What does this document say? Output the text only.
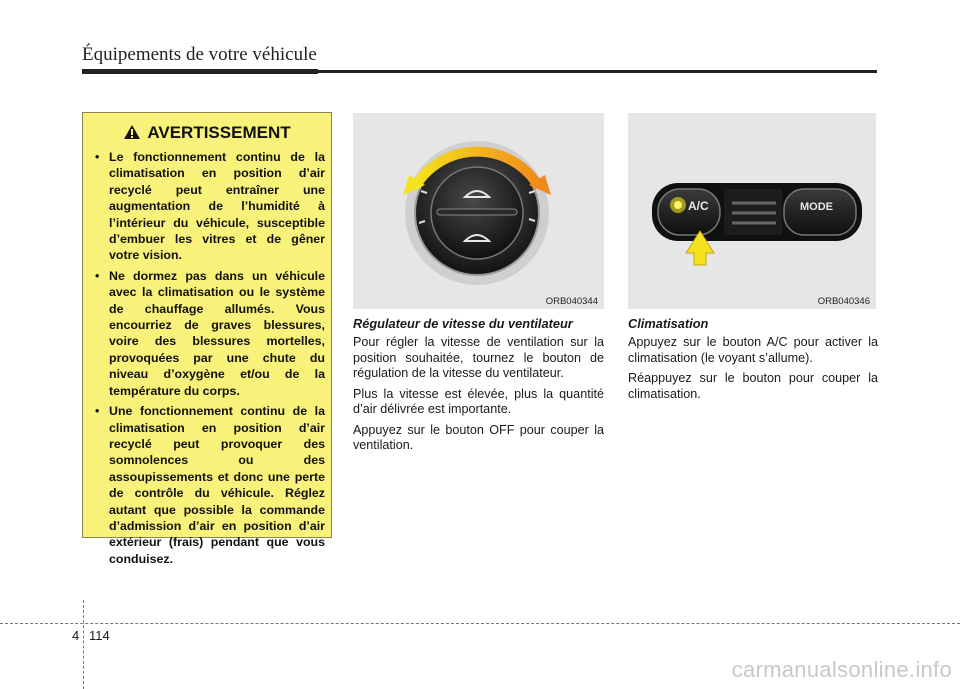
Équipements de votre véhicule
AVERTISSEMENT
• Le fonctionnement continu de la climatisation en position d’air recyclé peut entraîner une augmentation de l’humidité à l’intérieur du véhicule, susceptible d’embuer les vitres et de gêner votre vision.
• Ne dormez pas dans un véhicule avec la climatisation ou le système de chauffage allumés. Vous encourriez de graves blessures, voire des blessures mortelles, provoquées par une chute du niveau d’oxygène et/ou de la température du corps.
• Une fonctionnement continu de la climatisation en position d’air recyclé peut provoquer des somnolences ou des assoupissements et donc une perte de contrôle du véhicule. Réglez autant que possible la commande d’admission d’air en position d’air extérieur (frais) pendant que vous conduisez.
ORB040344
A/C	MODE
ORB040346
Régulateur de vitesse du ventilateur

Pour régler la vitesse de ventilation sur la position souhaitée, tournez le bouton de régulation de la vitesse du ventilateur.

Plus la vitesse est élevée, plus la quantité d’air délivrée est importante.

Appuyez sur le bouton OFF pour couper la ventilation.

Climatisation

Appuyez sur le bouton A/C pour activer la climatisation (le voyant s’allume).

Réappuyez sur le bouton pour couper la climatisation.

4 114
carmanualsonline.info
